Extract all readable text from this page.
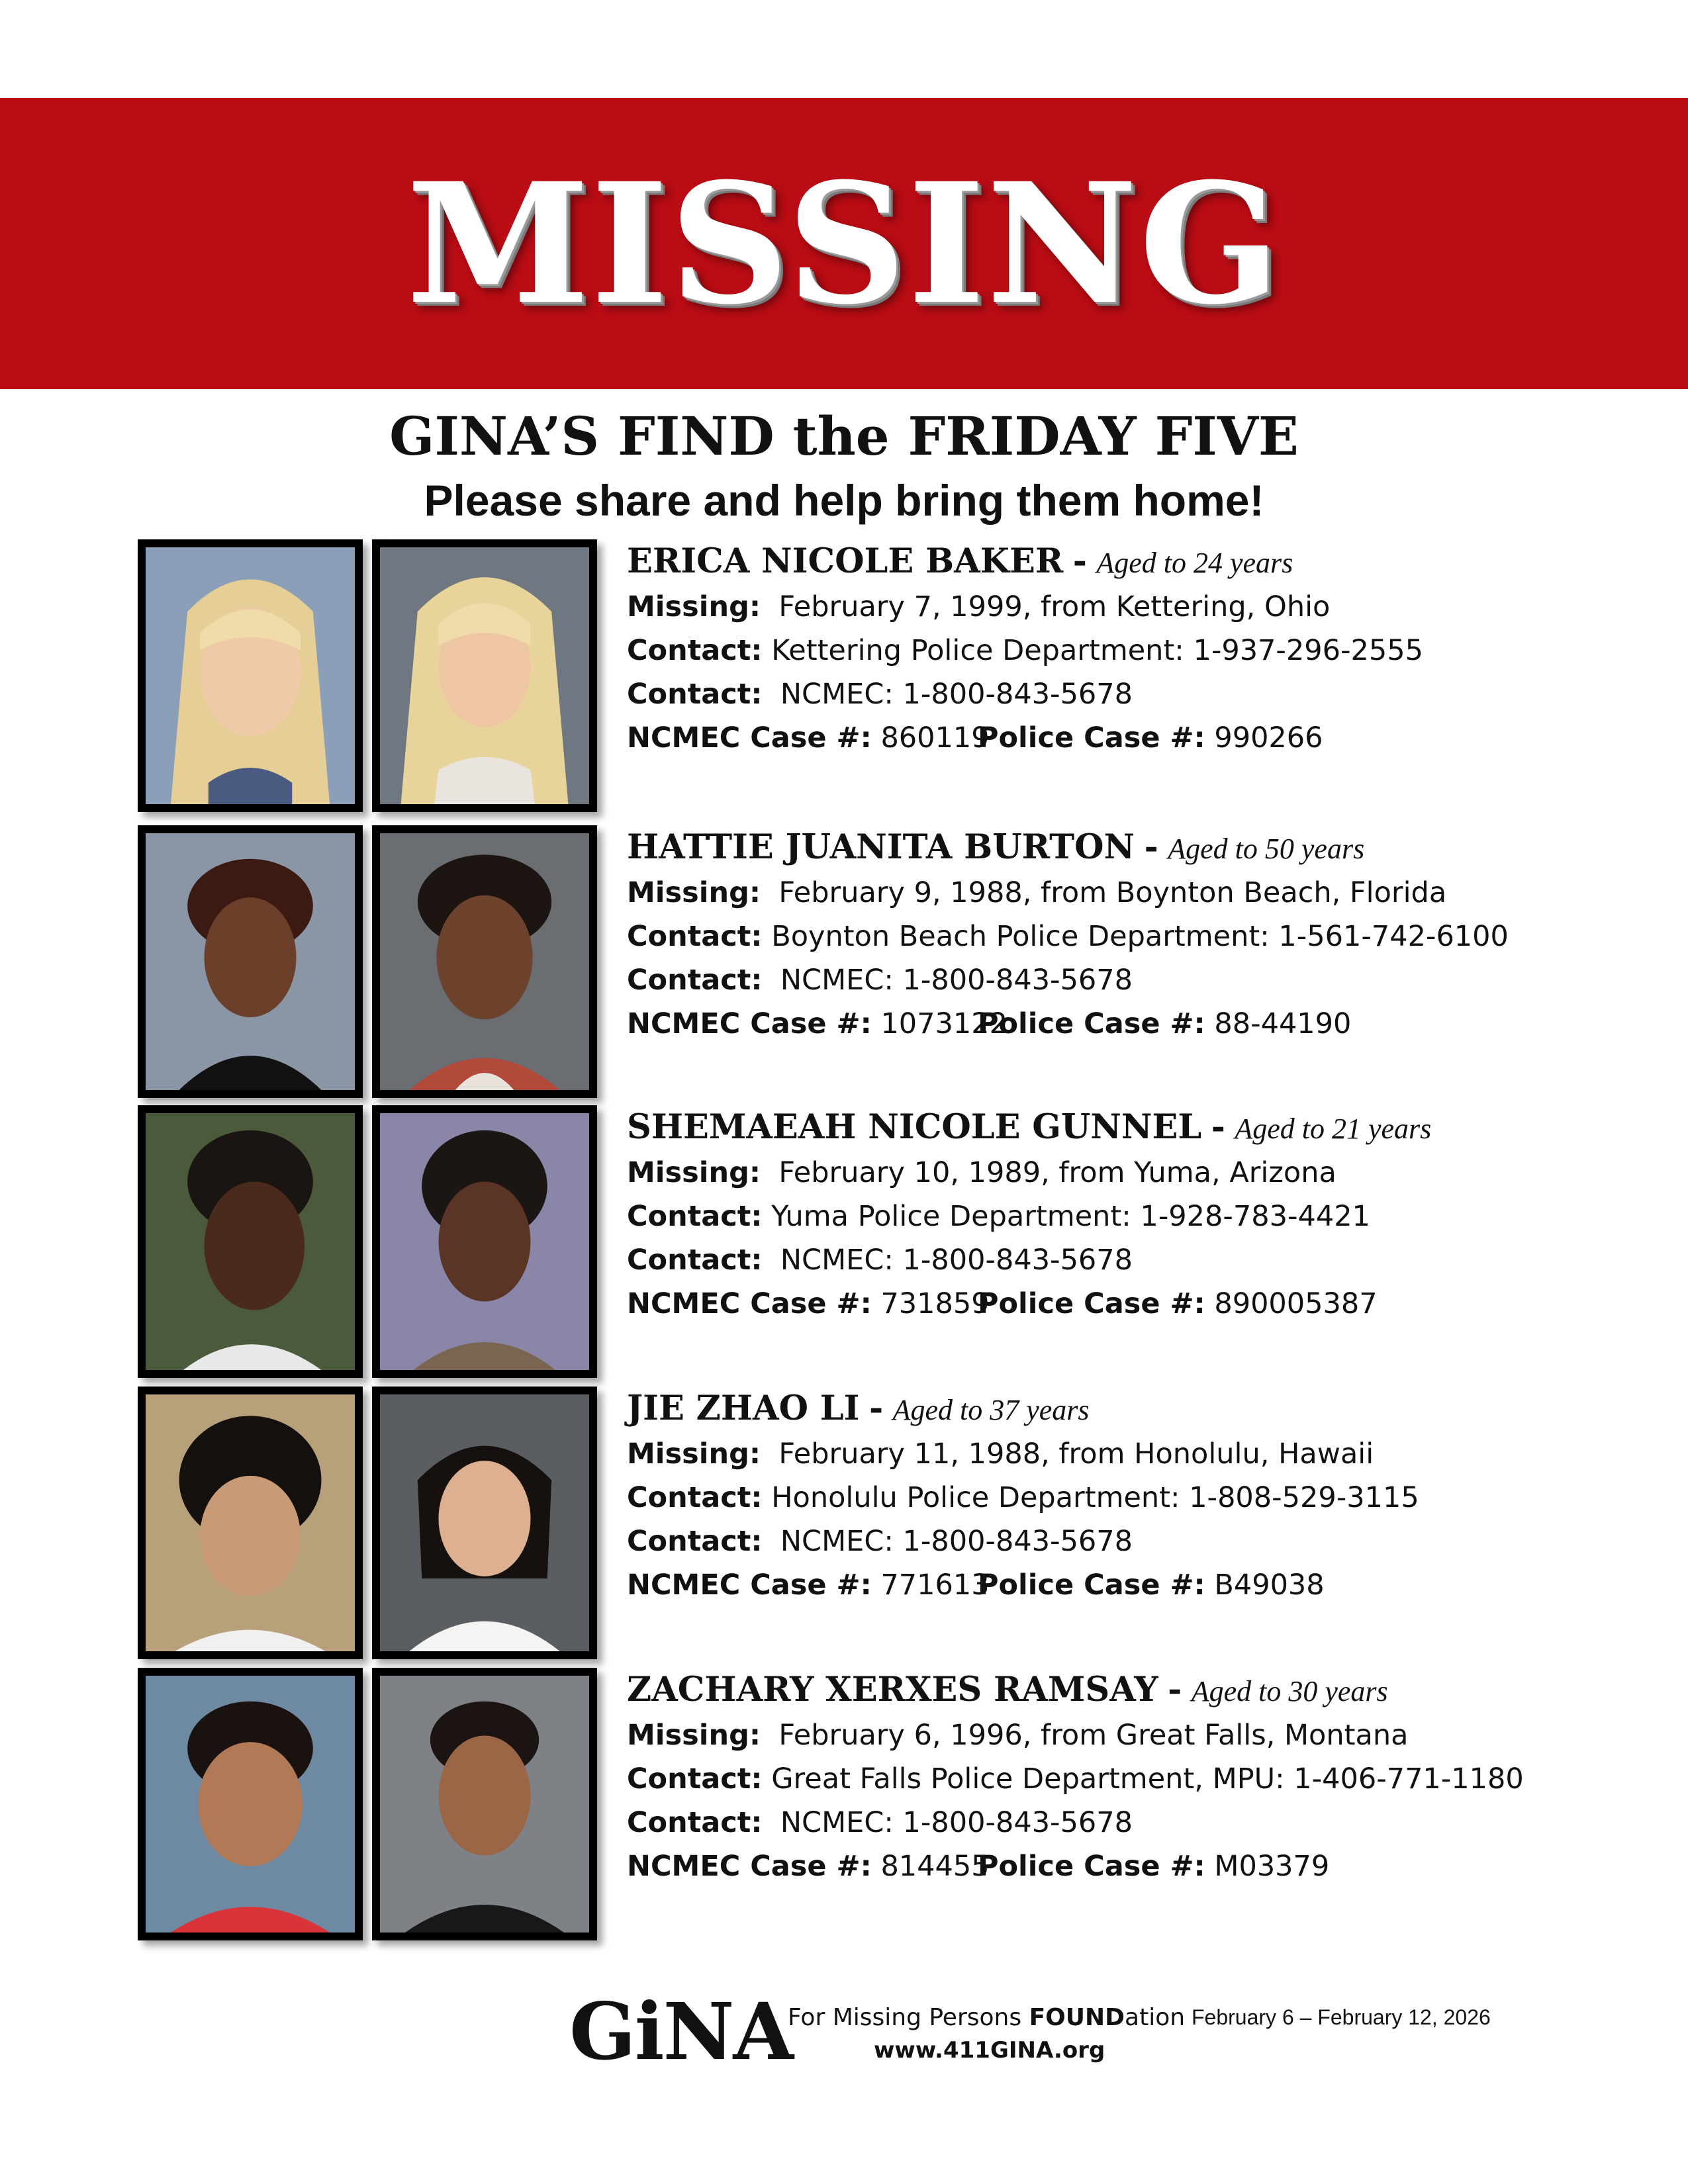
MISSING
GINA’S FIND the FRIDAY FIVE
Please share and help bring them home!
ERICA NICOLE BAKER - Aged to 24 years
Missing: February 7, 1999, from Kettering, Ohio
Contact: Kettering Police Department: 1-937-296-2555
Contact: NCMEC: 1-800-843-5678
NCMEC Case #: 860119Police Case #: 990266
HATTIE JUANITA BURTON - Aged to 50 years
Missing: February 9, 1988, from Boynton Beach, Florida
Contact: Boynton Beach Police Department: 1-561-742-6100
Contact: NCMEC: 1-800-843-5678
NCMEC Case #: 1073122Police Case #: 88-44190
SHEMAEAH NICOLE GUNNEL - Aged to 21 years
Missing: February 10, 1989, from Yuma, Arizona
Contact: Yuma Police Department: 1-928-783-4421
Contact: NCMEC: 1-800-843-5678
NCMEC Case #: 731859Police Case #: 890005387
JIE ZHAO LI - Aged to 37 years
Missing: February 11, 1988, from Honolulu, Hawaii
Contact: Honolulu Police Department: 1-808-529-3115
Contact: NCMEC: 1-800-843-5678
NCMEC Case #: 771613Police Case #: B49038
ZACHARY XERXES RAMSAY - Aged to 30 years
Missing: February 6, 1996, from Great Falls, Montana
Contact: Great Falls Police Department, MPU: 1-406-771-1180
Contact: NCMEC: 1-800-843-5678
NCMEC Case #: 814455Police Case #: M03379
GiNA
For Missing Persons FOUNDation
www.411GINA.org
February 6 – February 12, 2026
